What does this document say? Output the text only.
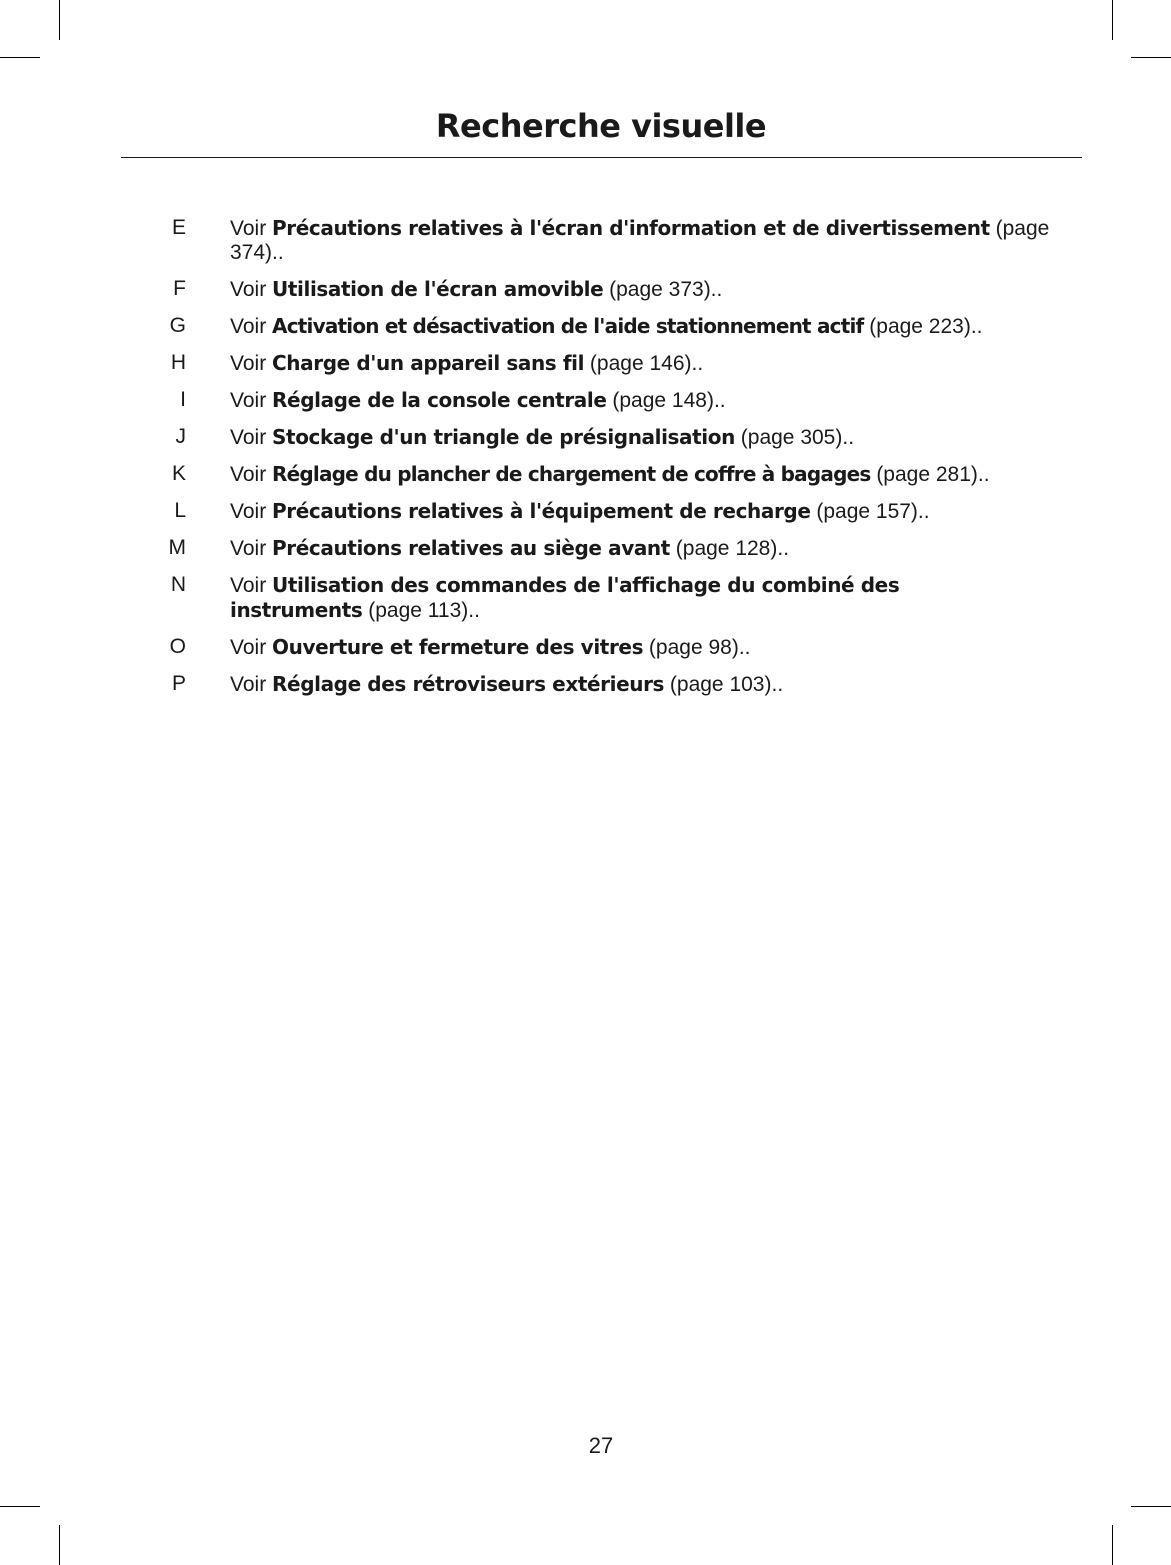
Recherche visuelle
E Voir Précautions relatives à l'écran d'information et de divertissement (page 374)..
F Voir Utilisation de l'écran amovible (page 373)..
G Voir Activation et désactivation de l'aide stationnement actif (page 223)..
H Voir Charge d'un appareil sans fil (page 146)..
I Voir Réglage de la console centrale (page 148)..
J Voir Stockage d'un triangle de présignalisation (page 305)..
K Voir Réglage du plancher de chargement de coffre à bagages (page 281)..
L Voir Précautions relatives à l'équipement de recharge (page 157)..
M Voir Précautions relatives au siège avant (page 128)..
N Voir Utilisation des commandes de l'affichage du combiné des instruments (page 113)..
O Voir Ouverture et fermeture des vitres (page 98)..
P Voir Réglage des rétroviseurs extérieurs (page 103)..
27
